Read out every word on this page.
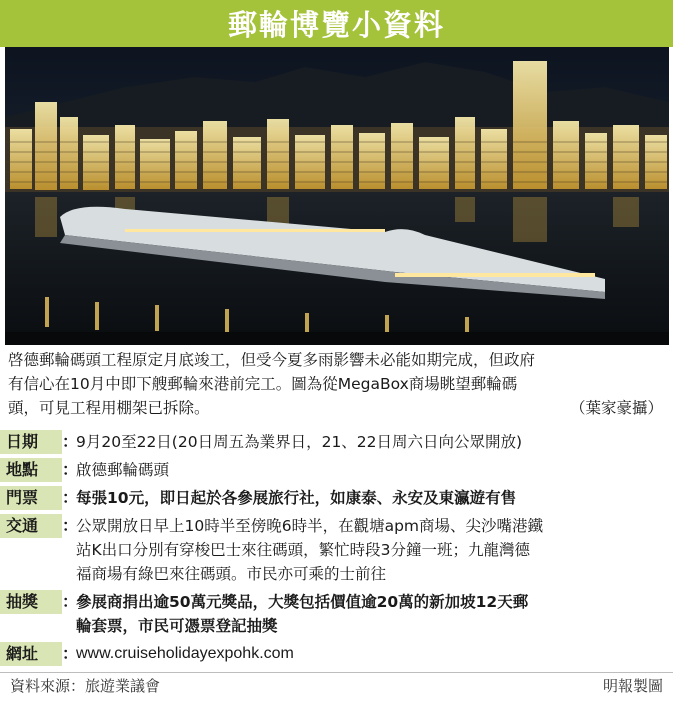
郵輪博覽小資料

啓德郵輪碼頭工程原定月底竣工，但受今夏多雨影響未必能如期完成，但政府

有信心在10月中即下艘郵輪來港前完工。圖為從MegaBox商場眺望郵輪碼

頭，可見工程用棚架已拆除。	（葉家豪攝）
日期	：
9月20至22日(20日周五為業界日，21、22日周六日向公眾開放)
地點	：
啟德郵輪碼頭
門票	：
每張10元，即日起於各參展旅行社，如康泰、永安及東瀛遊有售
交通	：
公眾開放日早上10時半至傍晚6時半，在觀塘apm商場、尖沙嘴港鐵
站K出口分別有穿梭巴士來往碼頭，繁忙時段3分鐘一班；九龍灣德
福商場有綠巴來往碼頭。市民亦可乘的士前往
抽獎	：
參展商捐出逾50萬元獎品，大獎包括價值逾20萬的新加坡12天郵
輪套票，市民可憑票登記抽獎
網址	：
www.cruiseholidayexpohk.com
資料來源：旅遊業議會	明報製圖
